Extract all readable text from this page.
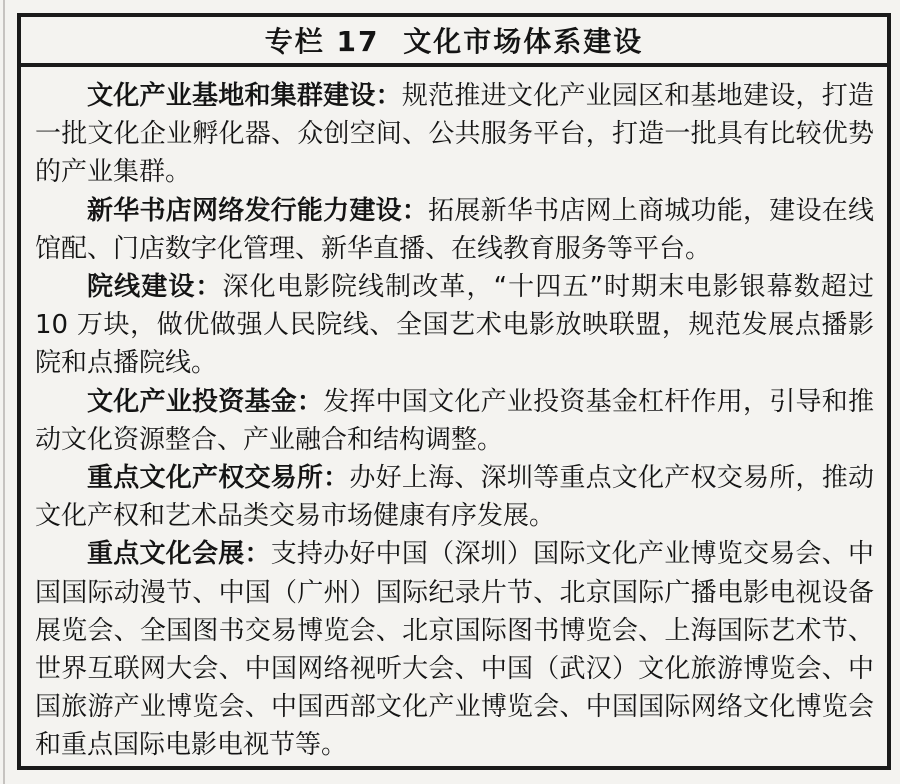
专栏 17 文化市场体系建设

文化产业基地和集群建设：规范推进文化产业园区和基地建设，打造一批文化企业孵化器、众创空间、公共服务平台，打造一批具有比较优势的产业集群。

新华书店网络发行能力建设：拓展新华书店网上商城功能，建设在线馆配、门店数字化管理、新华直播、在线教育服务等平台。

院线建设：深化电影院线制改革，“十四五”时期末电影银幕数超过 10 万块，做优做强人民院线、全国艺术电影放映联盟，规范发展点播影院和点播院线。

文化产业投资基金：发挥中国文化产业投资基金杠杆作用，引导和推动文化资源整合、产业融合和结构调整。

重点文化产权交易所：办好上海、深圳等重点文化产权交易所，推动文化产权和艺术品类交易市场健康有序发展。

重点文化会展：支持办好中国（深圳）国际文化产业博览交易会、中国国际动漫节、中国（广州）国际纪录片节、北京国际广播电影电视设备展览会、全国图书交易博览会、北京国际图书博览会、上海国际艺术节、世界互联网大会、中国网络视听大会、中国（武汉）文化旅游博览会、中国旅游产业博览会、中国西部文化产业博览会、中国国际网络文化博览会和重点国际电影电视节等。
